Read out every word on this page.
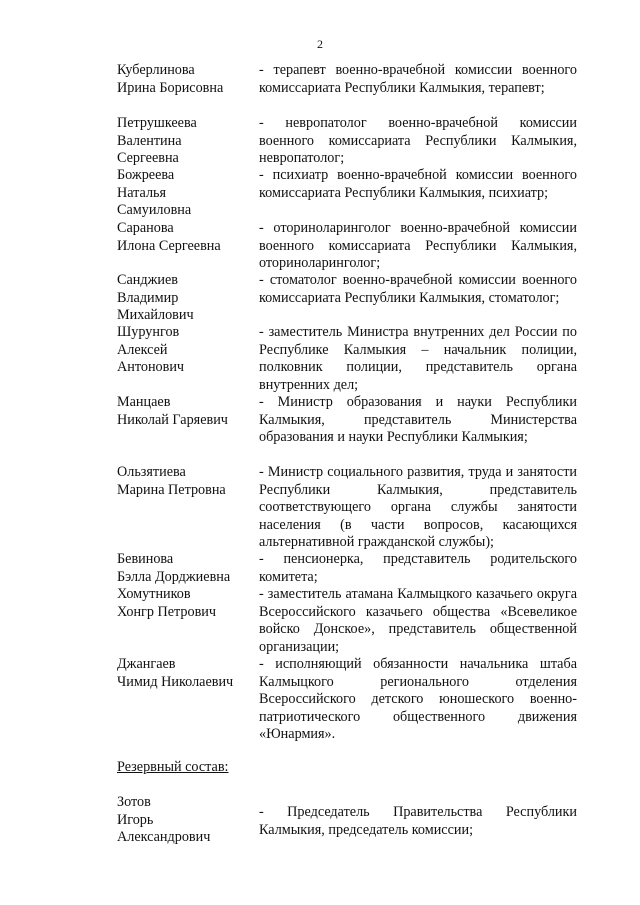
2
Куберлинова
Ирина Борисовна
- терапевт военно-врачебной комиссии военного комиссариата Республики Калмыкия, терапевт;
Петрушкеева
Валентина
Сергеевна
- невропатолог военно-врачебной комиссии военного комиссариата Республики Калмыкия, невропатолог;
Божреева
Наталья
Самуиловна
- психиатр военно-врачебной комиссии военного комиссариата Республики Калмыкия, психиатр;
Саранова
Илона Сергеевна
- оториноларинголог военно-врачебной комиссии военного комиссариата Республики Калмыкия, оториноларинголог;
Санджиев
Владимир
Михайлович
- стоматолог военно-врачебной комиссии военного комиссариата Республики Калмыкия, стоматолог;
Шурунгов
Алексей
Антонович
- заместитель Министра внутренних дел России по Республике Калмыкия – начальник полиции, полковник полиции, представитель органа внутренних дел;
Манцаев
Николай Гаряевич
- Министр образования и науки Республики Калмыкия, представитель Министерства образования и науки Республики Калмыкия;
Ользятиева
Марина Петровна
- Министр социального развития, труда и занятости Республики Калмыкия, представитель соответствующего органа службы занятости населения (в части вопросов, касающихся альтернативной гражданской службы);
Бевинова
Бэлла Дорджиевна
- пенсионерка, представитель родительского комитета;
Хомутников
Хонгр Петрович
- заместитель атамана Калмыцкого казачьего округа Всероссийского казачьего общества «Всевеликое войско Донское», представитель общественной организации;
Джангаев
Чимид Николаевич
- исполняющий обязанности начальника штаба Калмыцкого регионального отделения Всероссийского детского юношеского военно-патриотического общественного движения «Юнармия».
Резервный состав:
Зотов
Игорь
Александрович
- Председатель Правительства Республики Калмыкия, председатель комиссии;
